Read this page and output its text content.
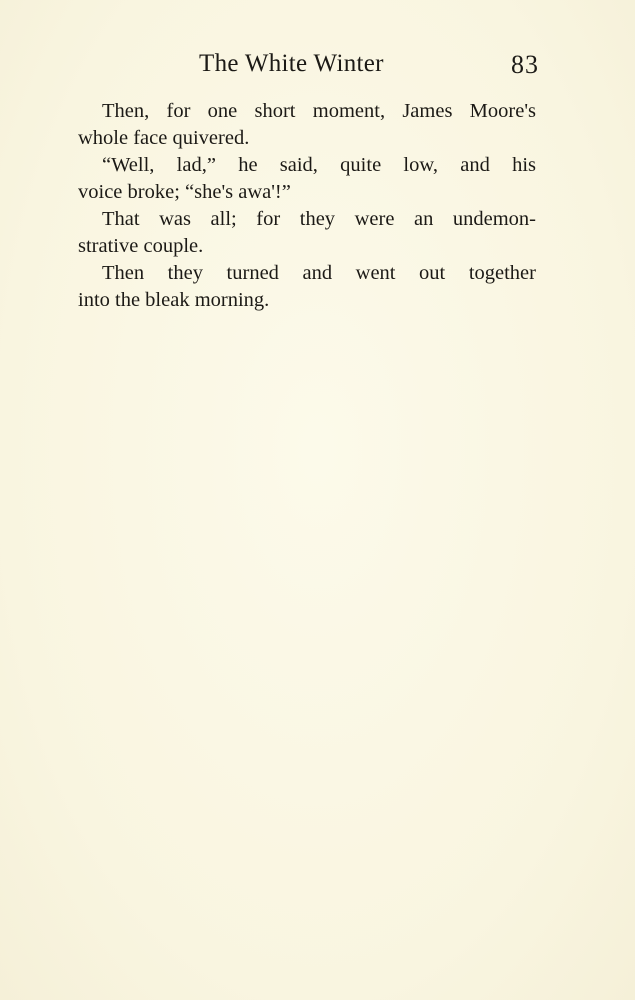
The White Winter	83
Then, for one short moment, James Moore's
whole face quivered.
“Well, lad,” he said, quite low, and his
voice broke; “she's awa'!”
That was all; for they were an undemon-
strative couple.
Then they turned and went out together
into the bleak morning.
